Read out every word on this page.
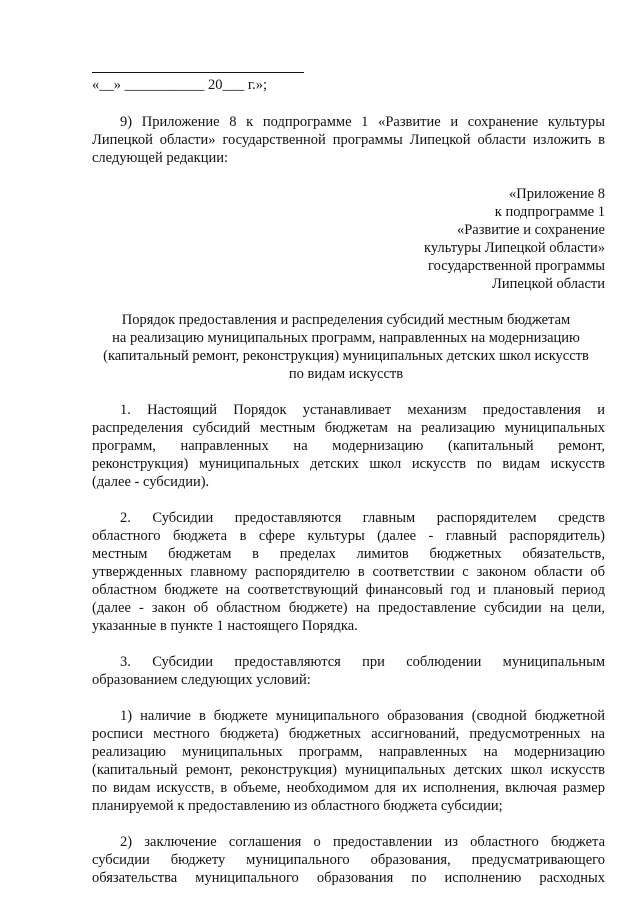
«__» ___________ 20___ г.»;
9) Приложение 8 к подпрограмме 1 «Развитие и сохранение культуры
Липецкой области» государственной программы Липецкой области изложить в
следующей редакции:
«Приложение 8
к подпрограмме 1
«Развитие и сохранение
культуры Липецкой области»
государственной программы
Липецкой области
Порядок предоставления и распределения субсидий местным бюджетам
на реализацию муниципальных программ, направленных на модернизацию
(капитальный ремонт, реконструкция) муниципальных детских школ искусств
по видам искусств
1. Настоящий Порядок устанавливает механизм предоставления и
распределения субсидий местным бюджетам на реализацию муниципальных
программ, направленных на модернизацию (капитальный ремонт,
реконструкция) муниципальных детских школ искусств по видам искусств
(далее - субсидии).
2. Субсидии предоставляются главным распорядителем средств
областного бюджета в сфере культуры (далее - главный распорядитель)
местным бюджетам в пределах лимитов бюджетных обязательств,
утвержденных главному распорядителю в соответствии с законом области об
областном бюджете на соответствующий финансовый год и плановый период
(далее - закон об областном бюджете) на предоставление субсидии на цели,
указанные в пункте 1 настоящего Порядка.
3. Субсидии предоставляются при соблюдении муниципальным
образованием следующих условий:
1) наличие в бюджете муниципального образования (сводной бюджетной
росписи местного бюджета) бюджетных ассигнований, предусмотренных на
реализацию муниципальных программ, направленных на модернизацию
(капитальный ремонт, реконструкция) муниципальных детских школ искусств
по видам искусств, в объеме, необходимом для их исполнения, включая размер
планируемой к предоставлению из областного бюджета субсидии;
2) заключение соглашения о предоставлении из областного бюджета
субсидии бюджету муниципального образования, предусматривающего
обязательства муниципального образования по исполнению расходных
